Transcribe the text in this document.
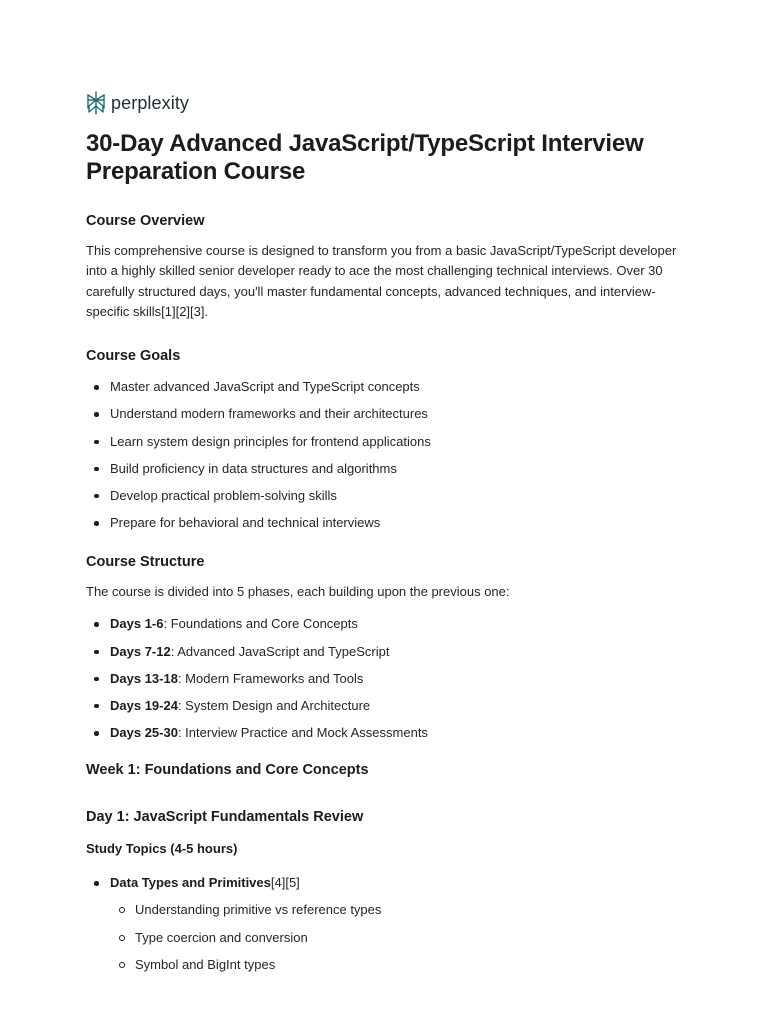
perplexity
30-Day Advanced JavaScript/TypeScript Interview Preparation Course
Course Overview

This comprehensive course is designed to transform you from a basic JavaScript/TypeScript developer into a highly skilled senior developer ready to ace the most challenging technical interviews. Over 30 carefully structured days, you'll master fundamental concepts, advanced techniques, and interview-specific skills[1][2][3].

Course Goals
Master advanced JavaScript and TypeScript concepts
Understand modern frameworks and their architectures
Learn system design principles for frontend applications
Build proficiency in data structures and algorithms
Develop practical problem-solving skills
Prepare for behavioral and technical interviews
Course Structure

The course is divided into 5 phases, each building upon the previous one:

Days 1-6: Foundations and Core Concepts
Days 7-12: Advanced JavaScript and TypeScript
Days 13-18: Modern Frameworks and Tools
Days 19-24: System Design and Architecture
Days 25-30: Interview Practice and Mock Assessments
Week 1: Foundations and Core Concepts
Day 1: JavaScript Fundamentals Review
Study Topics (4-5 hours)
Data Types and Primitives[4][5]
Understanding primitive vs reference types
Type coercion and conversion
Symbol and BigInt types
